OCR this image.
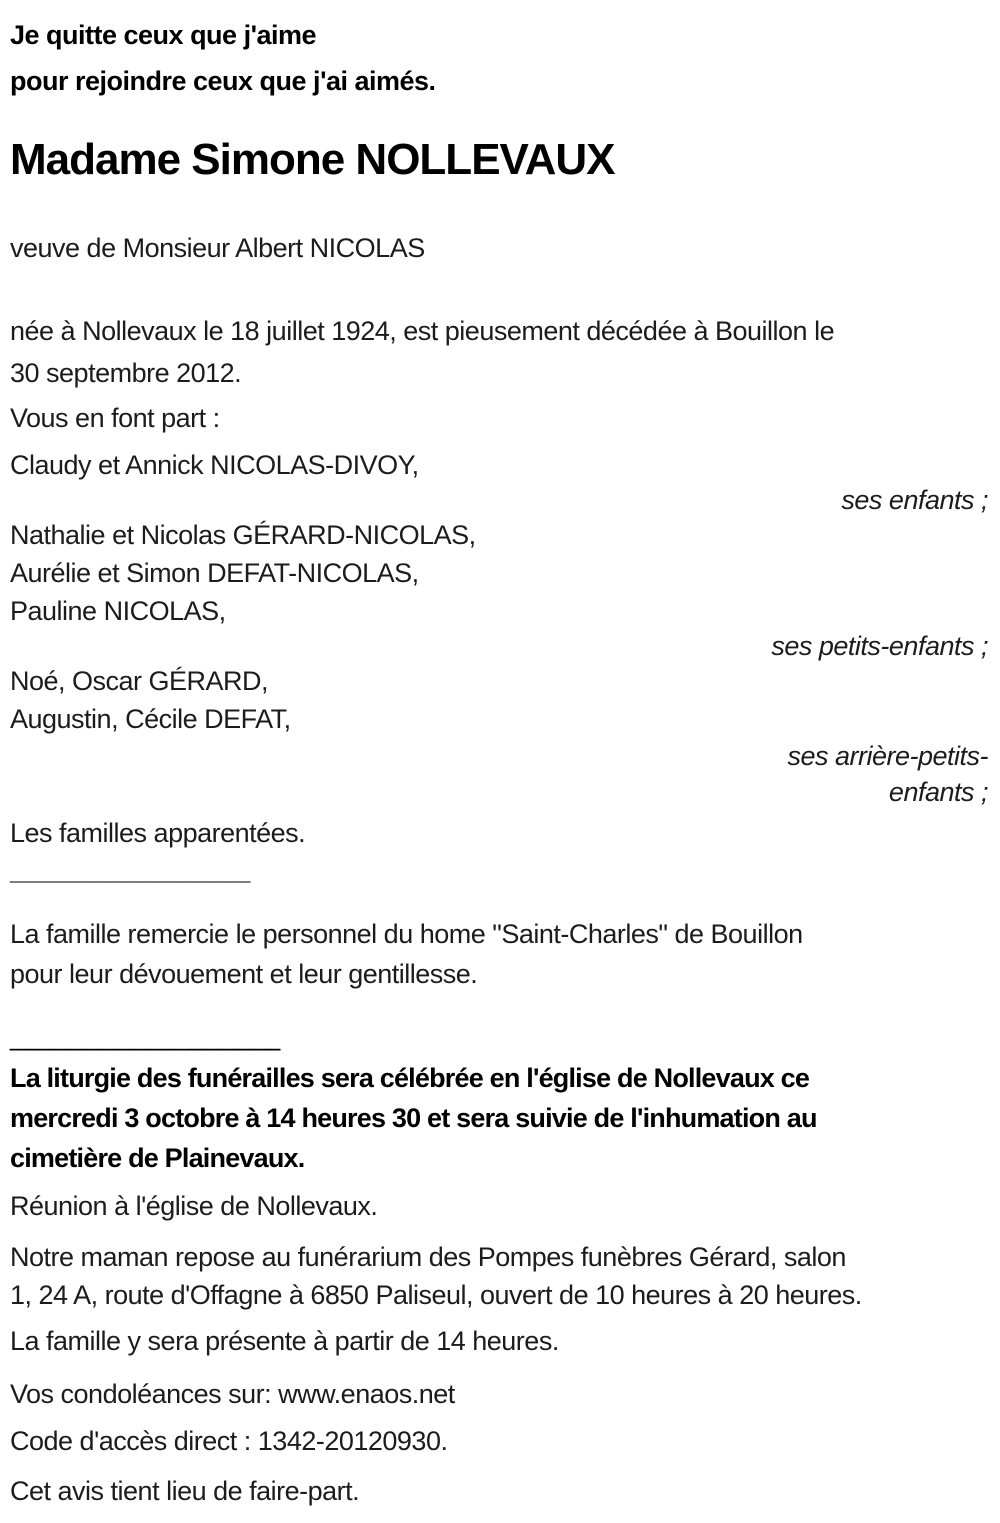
Je quitte ceux que j'aime

pour rejoindre ceux que j'ai aimés.

Madame Simone NOLLEVAUX

veuve de Monsieur Albert NICOLAS

née à Nollevaux le 18 juillet 1924, est pieusement décédée à Bouillon le
30 septembre 2012.

Vous en font part :

Claudy et Annick NICOLAS-DIVOY,
ses enfants ;
Nathalie et Nicolas GÉRARD-NICOLAS,
Aurélie et Simon DEFAT-NICOLAS,
Pauline NICOLAS,
ses petits-enfants ;
Noé, Oscar GÉRARD,
Augustin, Cécile DEFAT,
ses arrière-petits-
enfants ;

Les familles apparentées.

________________

La famille remercie le personnel du home "Saint-Charles" de Bouillon
pour leur dévouement et leur gentillesse.

__________________

La liturgie des funérailles sera célébrée en l'église de Nollevaux ce
mercredi 3 octobre à 14 heures 30 et sera suivie de l'inhumation au
cimetière de Plainevaux.

Réunion à l'église de Nollevaux.

Notre maman repose au funérarium des Pompes funèbres Gérard, salon
1, 24 A, route d'Offagne à 6850 Paliseul, ouvert de 10 heures à 20 heures.

La famille y sera présente à partir de 14 heures.

Vos condoléances sur: www.enaos.net

Code d'accès direct : 1342-20120930.

Cet avis tient lieu de faire-part.
